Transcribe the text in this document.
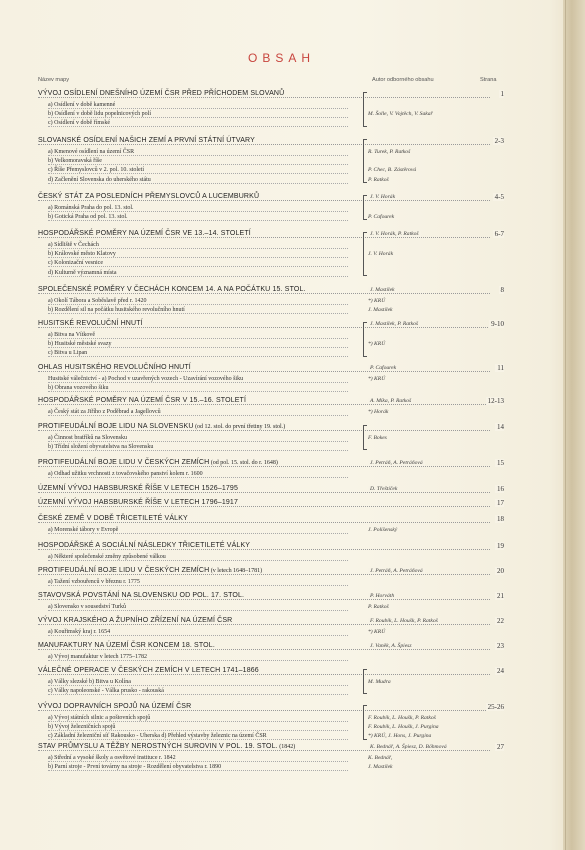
OBSAH
Název mapy	Autor odborného obsahu	Strana
VÝVOJ OSÍDLENÍ DNEŠNÍHO ÚZEMÍ ČSR PŘED PŘÍCHODEM SLOVANŮ	1
a) Osídlení v době kamenné
b) Osídlení v době lidu popelnicových polí	M. Šolle, V. Vojtěch, V. Sakař
c) Osídlení v době římské
SLOVANSKÉ OSÍDLENÍ NAŠICH ZEMÍ A PRVNÍ STÁTNÍ ÚTVARY	2-3
a) Kmenové osídlení na území ČSR	R. Turek, P. Ratkoš
b) Velkomoravská říše
c) Říše Přemyslovců v 2. pol. 10. století	P. Chec, B. Zástěrová
d) Začlenění Slovenska do uherského státu	P. Ratkoš
ČESKÝ STÁT ZA POSLEDNÍCH PŘEMYSLOVCŮ A LUCEMBURKŮ	J. V. Horák	4-5
a) Románská Praha do pol. 13. stol.
b) Gotická Praha od pol. 13. stol.	P. Cafourek
HOSPODÁŘSKÉ POMĚRY NA ÚZEMÍ ČSR VE 13.–14. STOLETÍ	J. V. Horák, P. Ratkoš	6-7
a) Sídliště v Čechách
b) Královské město Klatovy	J. V. Horák
c) Kolonizační vesnice
d) Kulturně významná místa
SPOLEČENSKÉ POMĚRY V ČECHÁCH KONCEM 14. A NA POČÁTKU 15. STOL.	J. Mastílek	8
a) Okolí Tábora a Soběslavě před r. 1420	*) KRÚ
b) Rozdělení sil na počátku husitského revolučního hnutí	J. Mastílek
HUSITSKÉ REVOLUČNÍ HNUTÍ	J. Mastílek, P. Ratkoš	9-10
a) Bitva na Vítkově
b) Husitské městské svazy	*) KRÚ
c) Bitva u Lipan
OHLAS HUSITSKÉHO REVOLUČNÍHO HNUTÍ	P. Cafourek	11
Husitské válečnictví - a) Pochod v uzavřených vozech - Uzavírání vozového šiku	*) KRÚ
b) Obrana vozového šiku
HOSPODÁŘSKÉ POMĚRY NA ÚZEMÍ ČSR V 15.–16. STOLETÍ	A. Míka, P. Ratkoš	12-13
a) Český stát za Jiřího z Poděbrad a Jagellovců	*) Horák
PROTIFEUDÁLNÍ BOJE LIDU NA SLOVENSKU (od 12. stol. do první třetiny 19. stol.)	14
a) Činnost bratříků na Slovensku	F. Bokes
b) Třídní složení obyvatelstva na Slovensku
PROTIFEUDÁLNÍ BOJE LIDU V ČESKÝCH ZEMÍCH (od pol. 15. stol. do r. 1648)	J. Petráň, A. Petráňová	15
a) Odhad užitku vrchnosti z tovačovského panství kolem r. 1600
ÚZEMNÍ VÝVOJ HABSBURSKÉ ŘÍŠE V LETECH 1526–1795	D. Třeštíček	16
ÚZEMNÍ VÝVOJ HABSBURSKÉ ŘÍŠE V LETECH 1796–1917	17
ČESKÉ ZEMĚ V DOBĚ TŘICETILETÉ VÁLKY	18
a) Morenské tábory v Evropě	J. Polišenský
HOSPODÁŘSKÉ A SOCIÁLNÍ NÁSLEDKY TŘICETILETÉ VÁLKY	19
a) Některé společenské změny způsobené válkou
PROTIFEUDÁLNÍ BOJE LIDU V ČESKÝCH ZEMÍCH (v letech 1648–1781)	J. Petráň, A. Petráňová	20
a) Tažení vzbouřenců v březnu r. 1775
STAVOVSKÁ POVSTÁNÍ NA SLOVENSKU OD POL. 17. STOL.	P. Horváth	21
a) Slovensko v sousedství Turků	P. Ratkoš
VÝVOJ KRAJSKÉHO A ŽUPNÍHO ZŘÍZENÍ NA ÚZEMÍ ČSR	F. Roubík, L. Houšk, P. Ratkoš	22
a) Kouřimský kraj r. 1654	*) KRÚ
MANUFAKTURY NA ÚZEMÍ ČSR KONCEM 18. STOL.	J. Vaněk, A. Špiesz	23
a) Vývoj manufaktur v letech 1775–1782
VÁLEČNÉ OPERACE V ČESKÝCH ZEMÍCH V LETECH 1741–1866	24
a) Války slezské b) Bitva u Kolína	M. Mudra
c) Války napoleonské - Válka prusko - rakouská
VÝVOJ DOPRAVNÍCH SPOJŮ NA ÚZEMÍ ČSR	25-26
a) Vývoj státních silnic a poštovních spojů	F. Roubík, L. Houšk, P. Ratkoš
b) Vývoj železničních spojů	F. Roubík, L. Houšk, J. Purgina
c) Základní železniční síť Rakousko - Uherska d) Přehled výstavby železnic na území ČSR	*) KRÚ, J. Hons, J. Purgina
STAV PRŮMYSLU A TĚŽBY NEROSTNÝCH SUROVIN V POL. 19. STOL. (1842)	K. Bednář, A. Špiesz, D. Böhmová	27
a) Střední a vysoké školy a osvětové instituce r. 1842	K. Bednář,
b) Parní stroje - První továrny na stroje - Rozdělení obyvatelstva r. 1890	J. Mastílek
